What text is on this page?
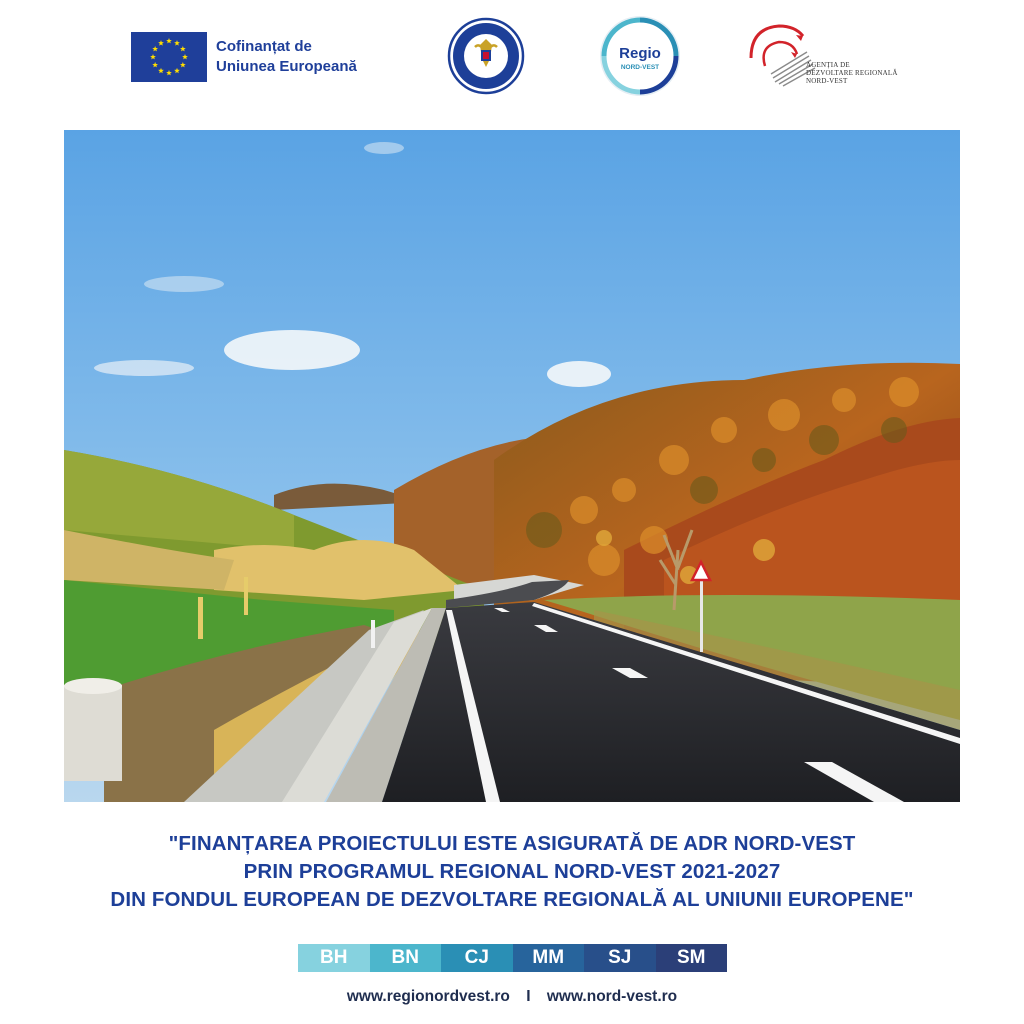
Cofinanțat de
Uniunea Europeană
Regio
NORD-VEST	AGENȚIA DE
DEZVOLTARE REGIONALĂ
NORD-VEST
"FINANȚAREA PROIECTULUI ESTE ASIGURATĂ DE ADR NORD-VEST
PRIN PROGRAMUL REGIONAL NORD-VEST 2021-2027
DIN FONDUL EUROPEAN DE DEZVOLTARE REGIONALĂ AL UNIUNII EUROPENE"
BH	BN	CJ	MM	SJ	SM
www.regionordvest.ro I www.nord-vest.ro
